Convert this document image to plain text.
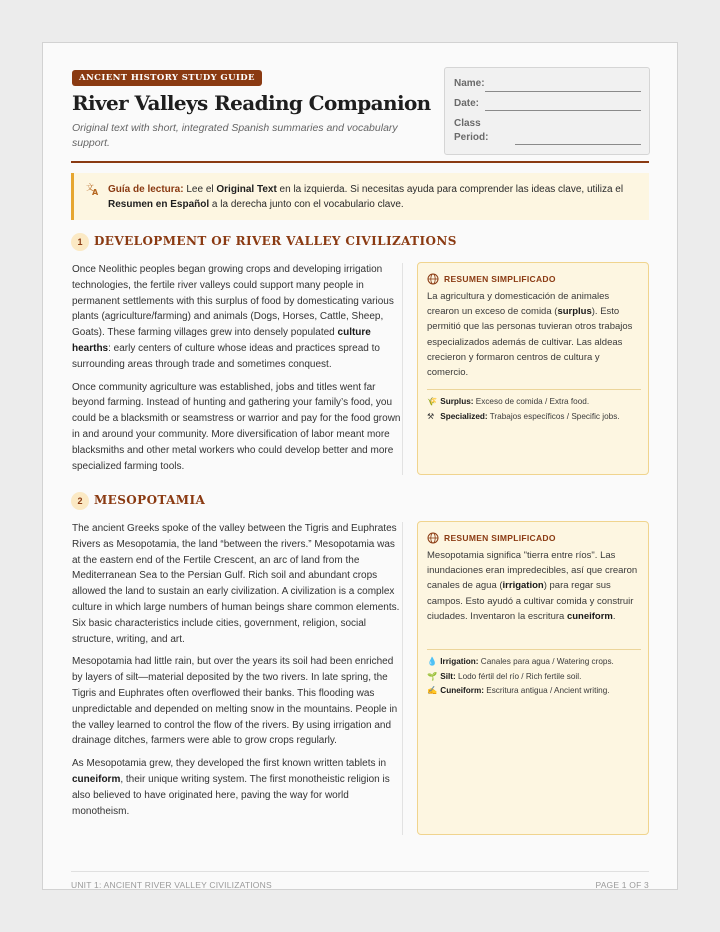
ANCIENT HISTORY STUDY GUIDE
River Valleys Reading Companion
Original text with short, integrated Spanish summaries and vocabulary support.
Name:
Date:
Class
Period:
文
A Guía de lectura: Lee el Original Text en la izquierda. Si necesitas ayuda para comprender las ideas clave, utiliza el Resumen en Español a la derecha junto con el vocabulario clave.
1 DEVELOPMENT OF RIVER VALLEY CIVILIZATIONS

Once Neolithic peoples began growing crops and developing irrigation technologies, the fertile river valleys could support many people in permanent settlements with this surplus of food by domesticating various plants (agriculture/farming) and animals (Dogs, Horses, Cattle, Sheep, Goats). These farming villages grew into densely populated culture hearths: early centers of culture whose ideas and practices spread to surrounding areas through trade and sometimes conquest.

Once community agriculture was established, jobs and titles went far beyond farming. Instead of hunting and gathering your family’s food, you could be a blacksmith or seamstress or warrior and pay for the food grown in and around your community. More diversification of labor meant more blacksmiths and other metal workers who could develop better and more specialized farming tools.

RESUMEN SIMPLIFICADO
La agricultura y domesticación de animales crearon un exceso de comida (surplus). Esto permitió que las personas tuvieran otros trabajos especializados además de cultivar. Las aldeas crecieron y formaron centros de cultura y comercio.
🌾 Surplus: Exceso de comida / Extra food.
⚒ Specialized: Trabajos específicos / Specific jobs.
2 MESOPOTAMIA

The ancient Greeks spoke of the valley between the Tigris and Euphrates Rivers as Mesopotamia, the land “between the rivers.” Mesopotamia was at the eastern end of the Fertile Crescent, an arc of land from the Mediterranean Sea to the Persian Gulf. Rich soil and abundant crops allowed the land to sustain an early civilization. A civilization is a complex culture in which large numbers of human beings share common elements. Six basic characteristics include cities, government, religion, social structure, writing, and art.

Mesopotamia had little rain, but over the years its soil had been enriched by layers of silt—material deposited by the two rivers. In late spring, the Tigris and Euphrates often overflowed their banks. This flooding was unpredictable and depended on melting snow in the mountains. People in the valley learned to control the flow of the rivers. By using irrigation and drainage ditches, farmers were able to grow crops regularly.

As Mesopotamia grew, they developed the first known written tablets in cuneiform, their unique writing system. The first monotheistic religion is also believed to have originated here, paving the way for world monotheism.

RESUMEN SIMPLIFICADO
Mesopotamia significa "tierra entre ríos". Las inundaciones eran impredecibles, así que crearon canales de agua (irrigation) para regar sus campos. Esto ayudó a cultivar comida y construir ciudades. Inventaron la escritura cuneiform.
💧 Irrigation: Canales para agua / Watering crops.
🌱 Silt: Lodo fértil del río / Rich fertile soil.
✍ Cuneiform: Escritura antigua / Ancient writing.
UNIT 1: ANCIENT RIVER VALLEY CIVILIZATIONS	PAGE 1 OF 3
